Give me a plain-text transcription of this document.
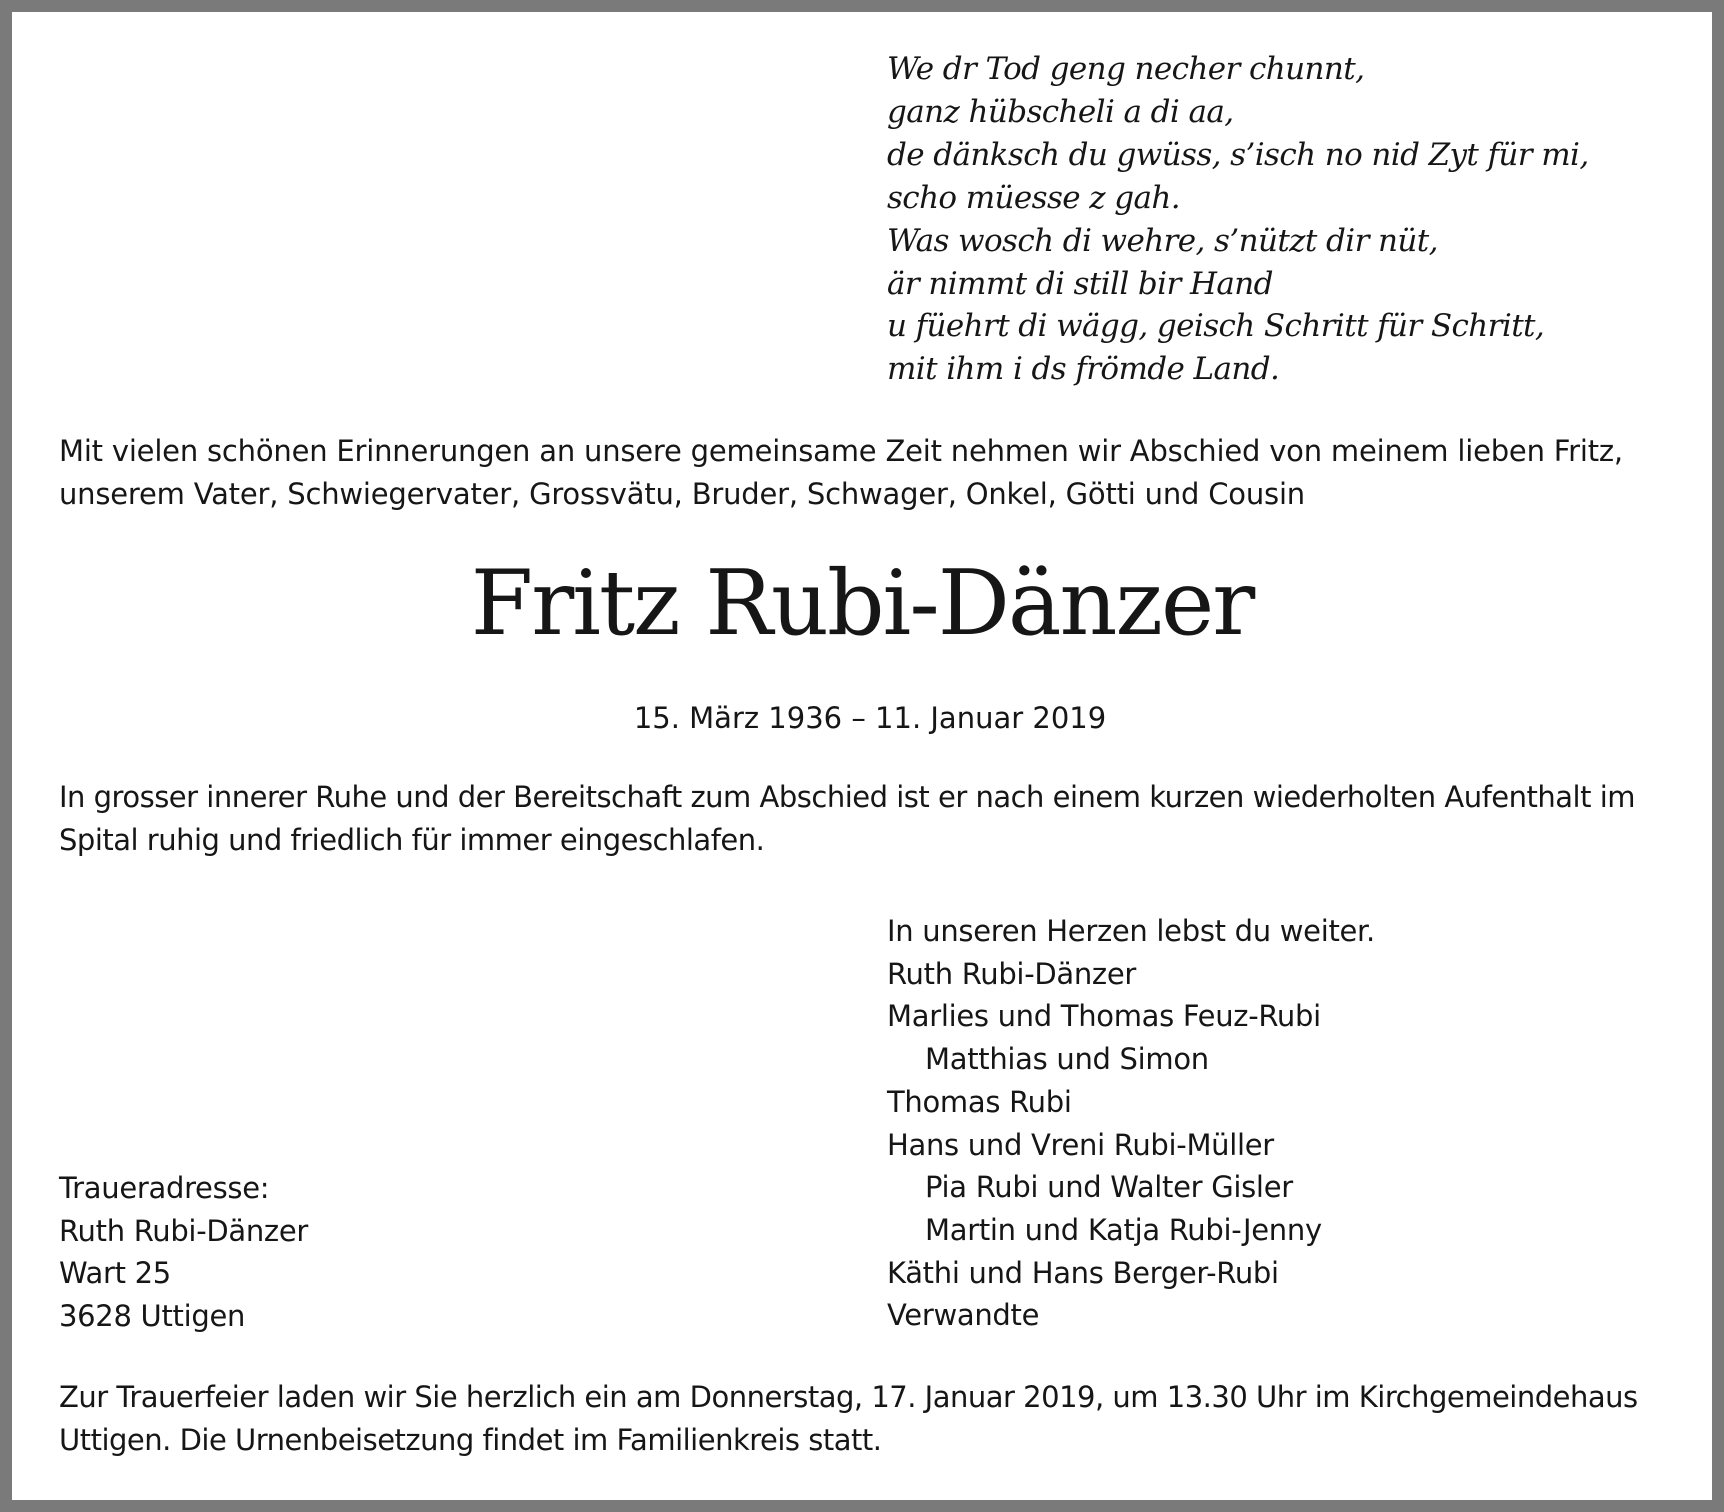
We dr Tod geng necher chunnt,
ganz hübscheli a di aa,
de dänksch du gwüss, s’isch no nid Zyt für mi,
scho müesse z gah.
Was wosch di wehre, s’nützt dir nüt,
är nimmt di still bir Hand
u füehrt di wägg, geisch Schritt für Schritt,
mit ihm i ds frömde Land.
Mit vielen schönen Erinnerungen an unsere gemeinsame Zeit nehmen wir Abschied von meinem lieben Fritz,
unserem Vater, Schwiegervater, Grossvätu, Bruder, Schwager, Onkel, Götti und Cousin
Fritz Rubi-Dänzer
15. März 1936 – 11. Januar 2019
In grosser innerer Ruhe und der Bereitschaft zum Abschied ist er nach einem kurzen wiederholten Aufenthalt im
Spital ruhig und friedlich für immer eingeschlafen.
In unseren Herzen lebst du weiter.
Ruth Rubi-Dänzer
Marlies und Thomas Feuz-Rubi
Matthias und Simon
Thomas Rubi
Hans und Vreni Rubi-Müller
Pia Rubi und Walter Gisler
Martin und Katja Rubi-Jenny
Käthi und Hans Berger-Rubi
Verwandte
Traueradresse:
Ruth Rubi-Dänzer
Wart 25
3628 Uttigen
Zur Trauerfeier laden wir Sie herzlich ein am Donnerstag, 17. Januar 2019, um 13.30 Uhr im Kirchgemeindehaus
Uttigen. Die Urnenbeisetzung findet im Familienkreis statt.
